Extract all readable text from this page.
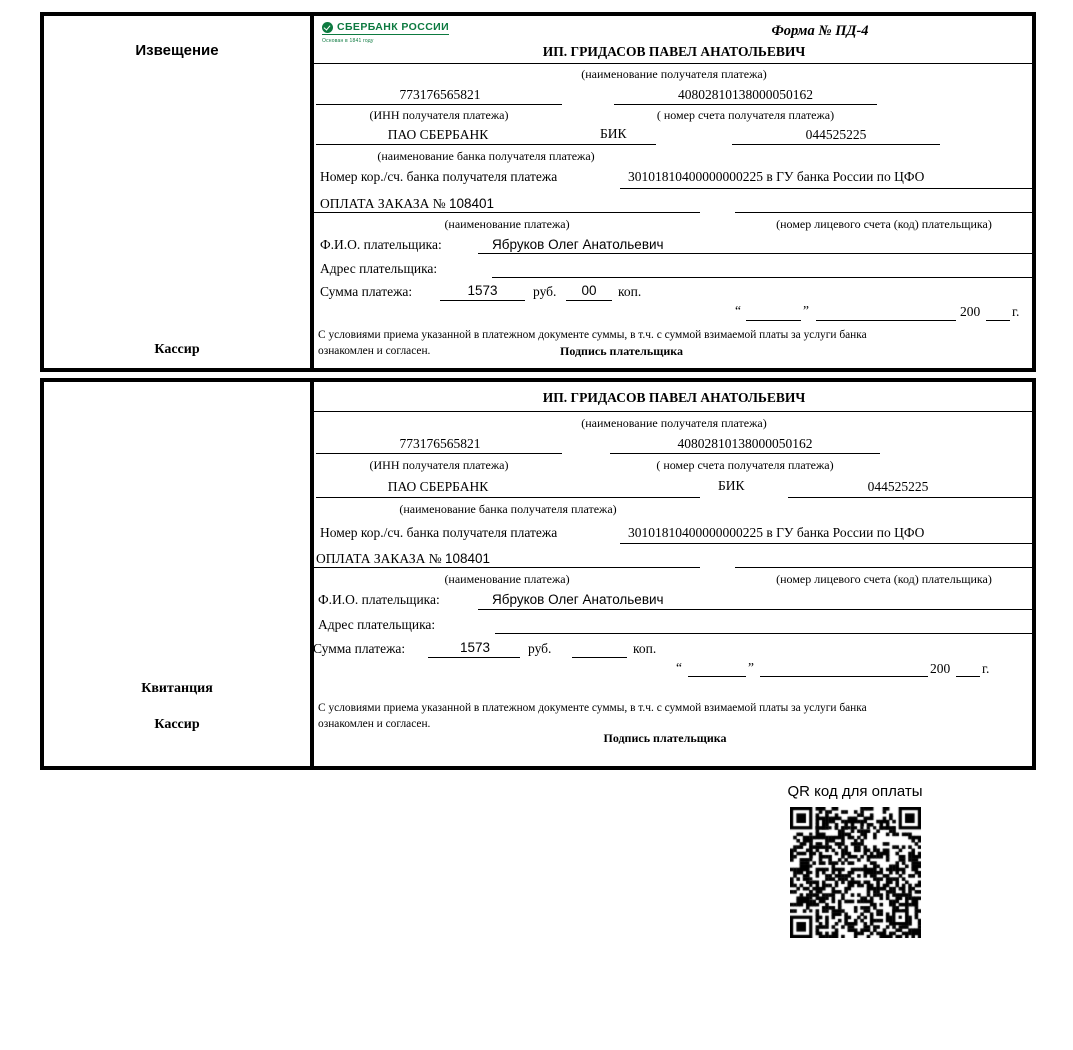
Извещение
Кассир
СБЕРБАНК РОССИИ
Основан в 1841 году
Форма № ПД-4
ИП. ГРИДАСОВ ПАВЕЛ АНАТОЛЬЕВИЧ
(наименование получателя платежа)
773176565821	40802810138000050162
(ИНН получателя платежа)	( номер счета получателя платежа)
ПАО СБЕРБАНК	БИК	044525225
(наименование банка получателя платежа)
Номер кор./сч. банка получателя платежа	30101810400000000225 в ГУ банка России по ЦФО
ОПЛАТА ЗАКАЗА № 108401
(наименование платежа)	(номер лицевого счета (код) плательщика)
Ф.И.О. плательщика:	Ябруков Олег Анатольевич
Адрес плательщика:
Сумма платежа:	1573	руб.	00	коп.
“	”	200 г.
С условиями приема указанной в платежном документе суммы, в т.ч. с суммой взимаемой платы за услуги банка
ознакомлен и согласен.	Подпись плательщика
Квитанция
Кассир
ИП. ГРИДАСОВ ПАВЕЛ АНАТОЛЬЕВИЧ
(наименование получателя платежа)
773176565821	40802810138000050162
(ИНН получателя платежа)	( номер счета получателя платежа)
ПАО СБЕРБАНК	БИК	044525225
(наименование банка получателя платежа)
Номер кор./сч. банка получателя платежа	30101810400000000225 в ГУ банка России по ЦФО
ОПЛАТА ЗАКАЗА № 108401
(наименование платежа)	(номер лицевого счета (код) плательщика)
Ф.И.О. плательщика:	Ябруков Олег Анатольевич
Адрес плательщика:
Сумма платежа:	1573	руб.	коп.
“	”	200 г.
С условиями приема указанной в платежном документе суммы, в т.ч. с суммой взимаемой платы за услуги банка
ознакомлен и согласен.
Подпись плательщика
QR код для оплаты
